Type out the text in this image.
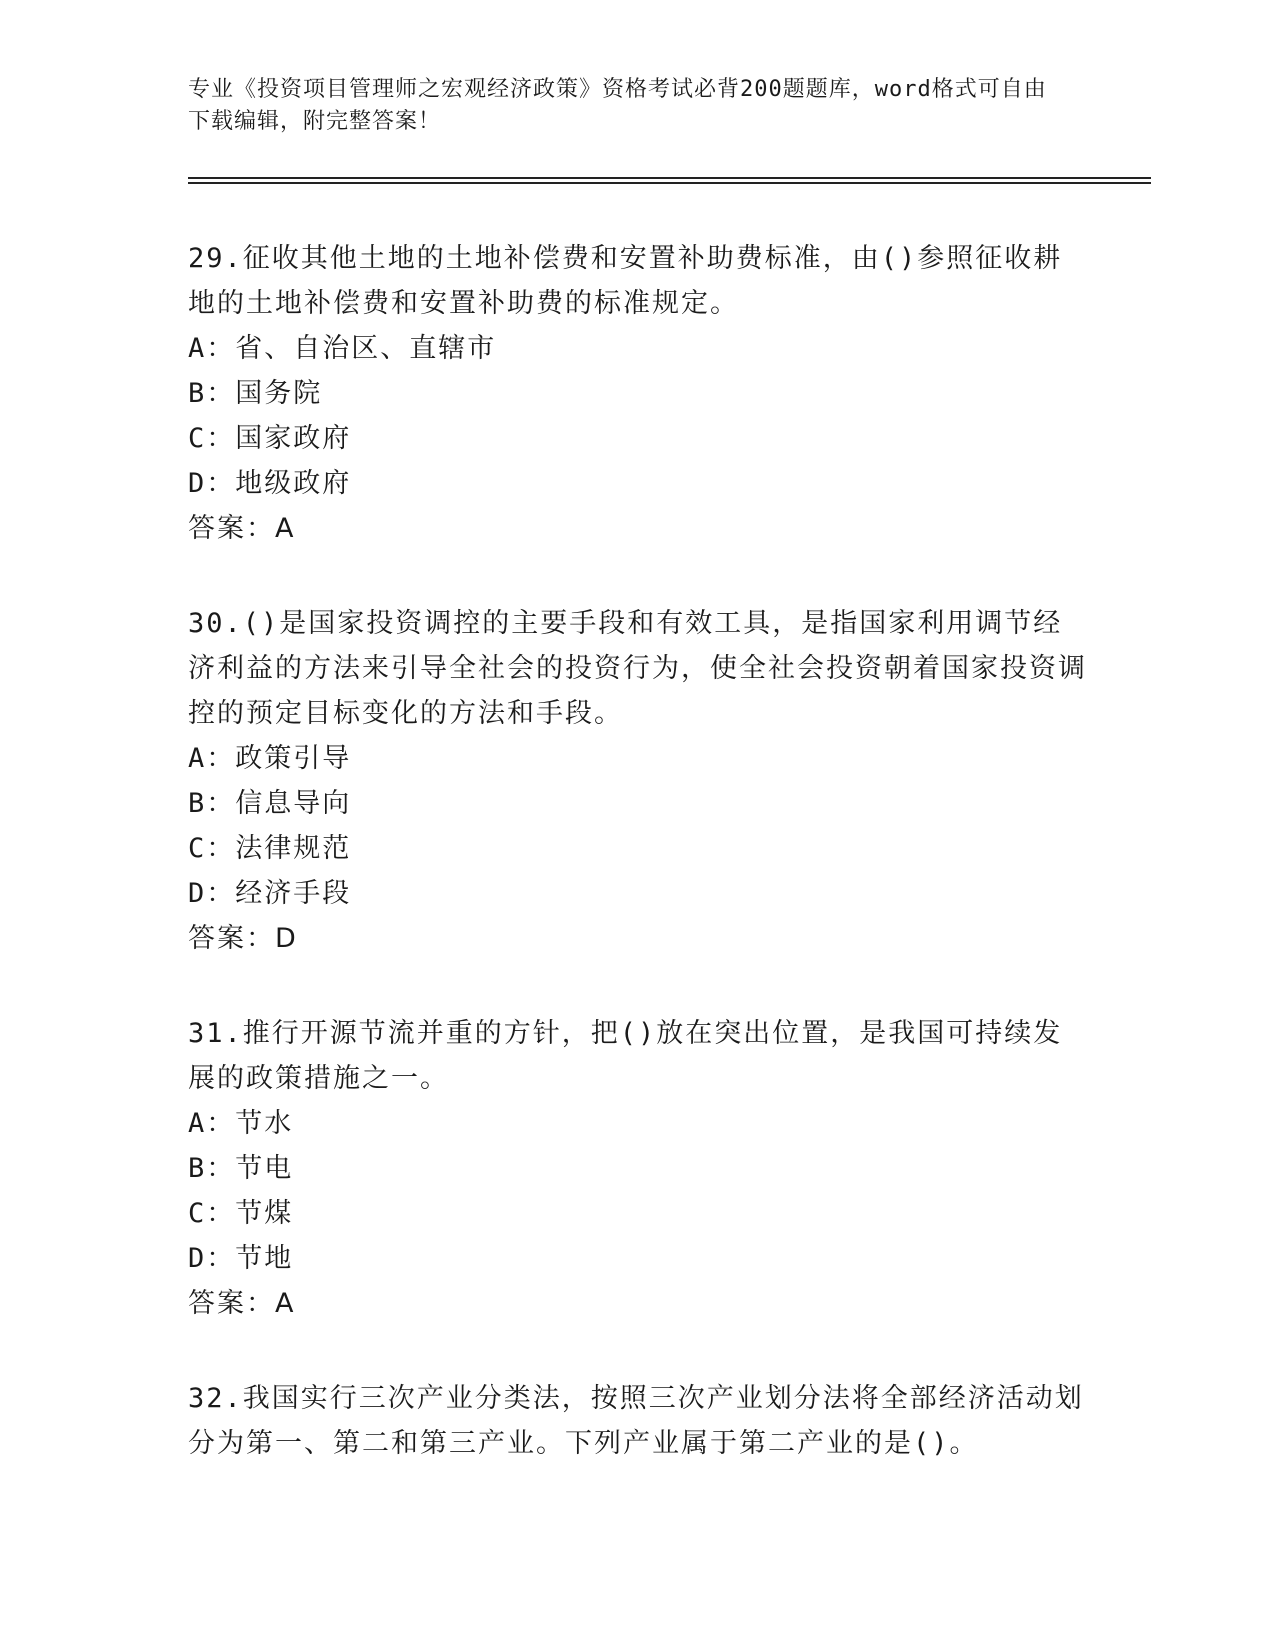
专业《投资项目管理师之宏观经济政策》资格考试必背200题题库，word格式可自由下载编辑，附完整答案！
29.征收其他土地的土地补偿费和安置补助费标准，由()参照征收耕地的土地补偿费和安置补助费的标准规定。
A：省、自治区、直辖市
B：国务院
C：国家政府
D：地级政府
答案：A
30.()是国家投资调控的主要手段和有效工具，是指国家利用调节经济利益的方法来引导全社会的投资行为，使全社会投资朝着国家投资调控的预定目标变化的方法和手段。
A：政策引导
B：信息导向
C：法律规范
D：经济手段
答案：D
31.推行开源节流并重的方针，把()放在突出位置，是我国可持续发展的政策措施之一。
A：节水
B：节电
C：节煤
D：节地
答案：A
32.我国实行三次产业分类法，按照三次产业划分法将全部经济活动划分为第一、第二和第三产业。下列产业属于第二产业的是()。
